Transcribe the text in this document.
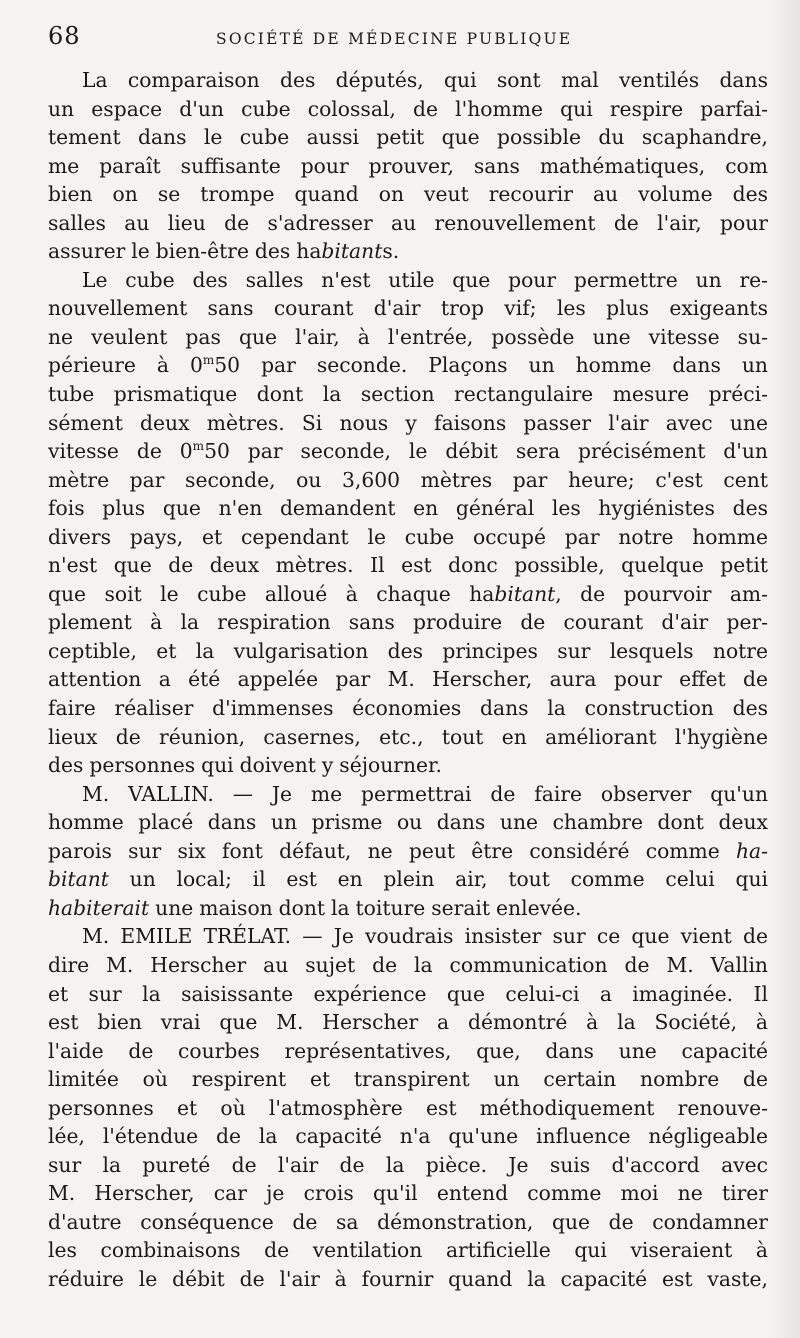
68	SOCIÉTÉ DE MÉDECINE PUBLIQUE

La comparaison des députés, qui sont mal ventilés dans
un espace d'un cube colossal, de l'homme qui respire parfai-
tement dans le cube aussi petit que possible du scaphandre,
me paraît suffisante pour prouver, sans mathématiques, com
bien on se trompe quand on veut recourir au volume des
salles au lieu de s'adresser au renouvellement de l'air, pour
assurer le bien-être des habitants.

Le cube des salles n'est utile que pour permettre un re-
nouvellement sans courant d'air trop vif; les plus exigeants
ne veulent pas que l'air, à l'entrée, possède une vitesse su-
périeure à 0$^m$50 par seconde. Plaçons un homme dans un
tube prismatique dont la section rectangulaire mesure préci-
sément deux mètres. Si nous y faisons passer l'air avec une
vitesse de 0$^m$50 par seconde, le débit sera précisément d'un
mètre par seconde, ou 3,600 mètres par heure; c'est cent
fois plus que n'en demandent en général les hygiénistes des
divers pays, et cependant le cube occupé par notre homme
n'est que de deux mètres. Il est donc possible, quelque petit
que soit le cube alloué à chaque habitant, de pourvoir am-
plement à la respiration sans produire de courant d'air per-
ceptible, et la vulgarisation des principes sur lesquels notre
attention a été appelée par M. Herscher, aura pour effet de
faire réaliser d'immenses économies dans la construction des
lieux de réunion, casernes, etc., tout en améliorant l'hygiène
des personnes qui doivent y séjourner.

M. VALLIN. — Je me permettrai de faire observer qu'un
homme placé dans un prisme ou dans une chambre dont deux
parois sur six font défaut, ne peut être considéré comme ha-
bitant un local; il est en plein air, tout comme celui qui
habiterait une maison dont la toiture serait enlevée.

M. EMILE TRÉLAT. — Je voudrais insister sur ce que vient de
dire M. Herscher au sujet de la communication de M. Vallin
et sur la saisissante expérience que celui-ci a imaginée. Il
est bien vrai que M. Herscher a démontré à la Société, à
l'aide de courbes représentatives, que, dans une capacité
limitée où respirent et transpirent un certain nombre de
personnes et où l'atmosphère est méthodiquement renouve-
lée, l'étendue de la capacité n'a qu'une influence négligeable
sur la pureté de l'air de la pièce. Je suis d'accord avec
M. Herscher, car je crois qu'il entend comme moi ne tirer
d'autre conséquence de sa démonstration, que de condamner
les combinaisons de ventilation artificielle qui viseraient à
réduire le débit de l'air à fournir quand la capacité est vaste,
